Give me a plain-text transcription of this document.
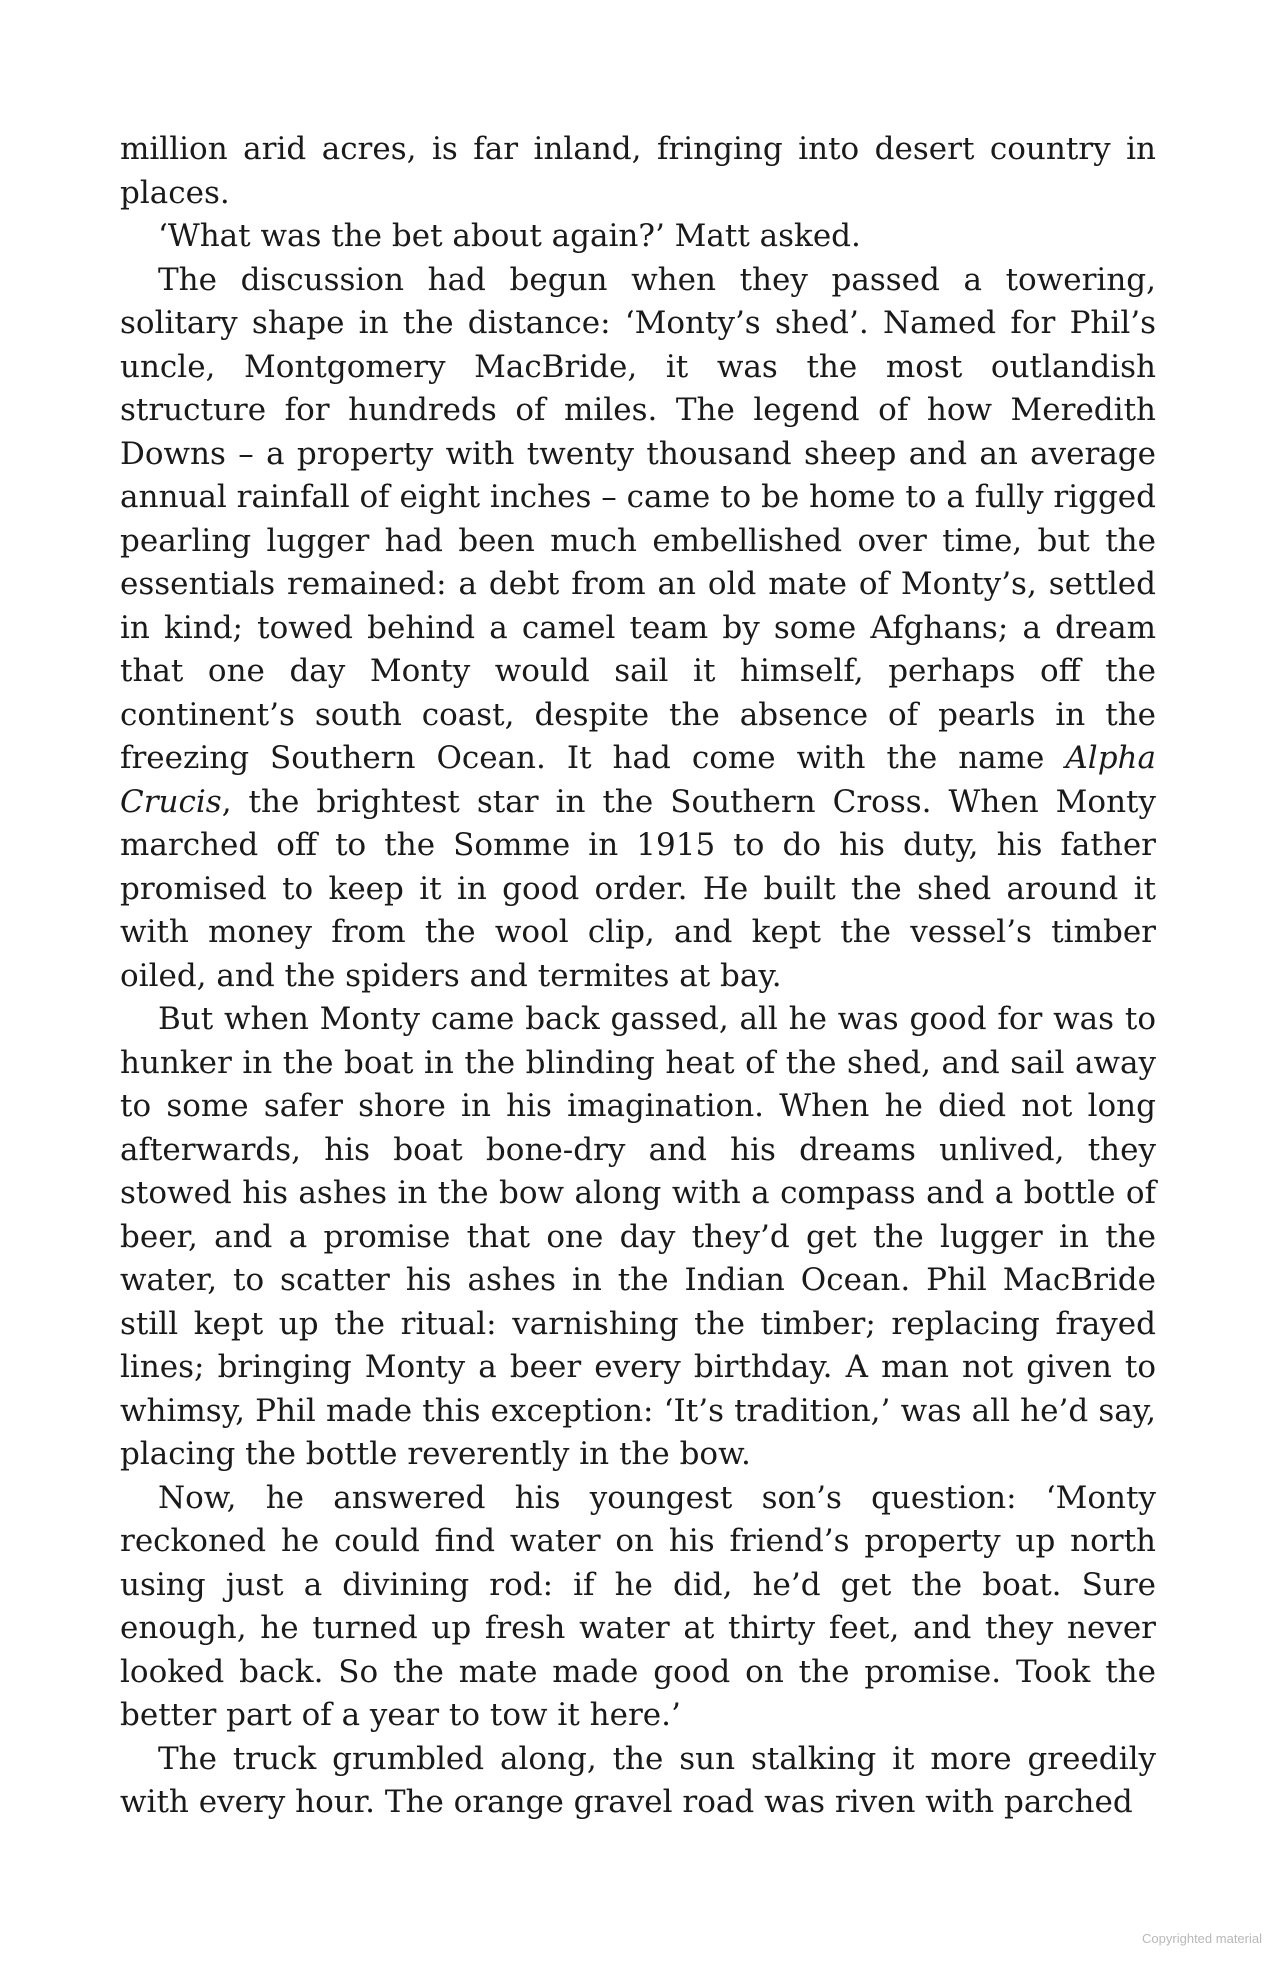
million arid acres, is far inland, fringing into desert country in places.

‘What was the bet about again?’ Matt asked.

The discussion had begun when they passed a towering, solitary shape in the distance: ‘Monty’s shed’. Named for Phil’s uncle, Montgomery MacBride, it was the most outlandish structure for hundreds of miles. The legend of how Meredith Downs – a property with twenty thousand sheep and an average annual rainfall of eight inches – came to be home to a fully rigged pearling lugger had been much embellished over time, but the essentials remained: a debt from an old mate of Monty’s, settled in kind; towed behind a camel team by some Afghans; a dream that one day Monty would sail it himself, perhaps off the continent’s south coast, despite the absence of pearls in the freezing Southern Ocean. It had come with the name Alpha Crucis, the brightest star in the Southern Cross. When Monty marched off to the Somme in 1915 to do his duty, his father promised to keep it in good order. He built the shed around it with money from the wool clip, and kept the vessel’s timber oiled, and the spiders and termites at bay.

But when Monty came back gassed, all he was good for was to hunker in the boat in the blinding heat of the shed, and sail away to some safer shore in his imagination. When he died not long afterwards, his boat bone-dry and his dreams unlived, they stowed his ashes in the bow along with a compass and a bottle of beer, and a promise that one day they’d get the lugger in the water, to scatter his ashes in the Indian Ocean. Phil MacBride still kept up the ritual: varnishing the timber; replacing frayed lines; bringing Monty a beer every birthday. A man not given to whimsy, Phil made this exception: ‘It’s tradition,’ was all he’d say, placing the bottle reverently in the bow.

Now, he answered his youngest son’s question: ‘Monty reckoned he could find water on his friend’s property up north using just a divining rod: if he did, he’d get the boat. Sure enough, he turned up fresh water at thirty feet, and they never looked back. So the mate made good on the promise. Took the better part of a year to tow it here.’

The truck grumbled along, the sun stalking it more greedily with every hour. The orange gravel road was riven with parched

Copyrighted material
